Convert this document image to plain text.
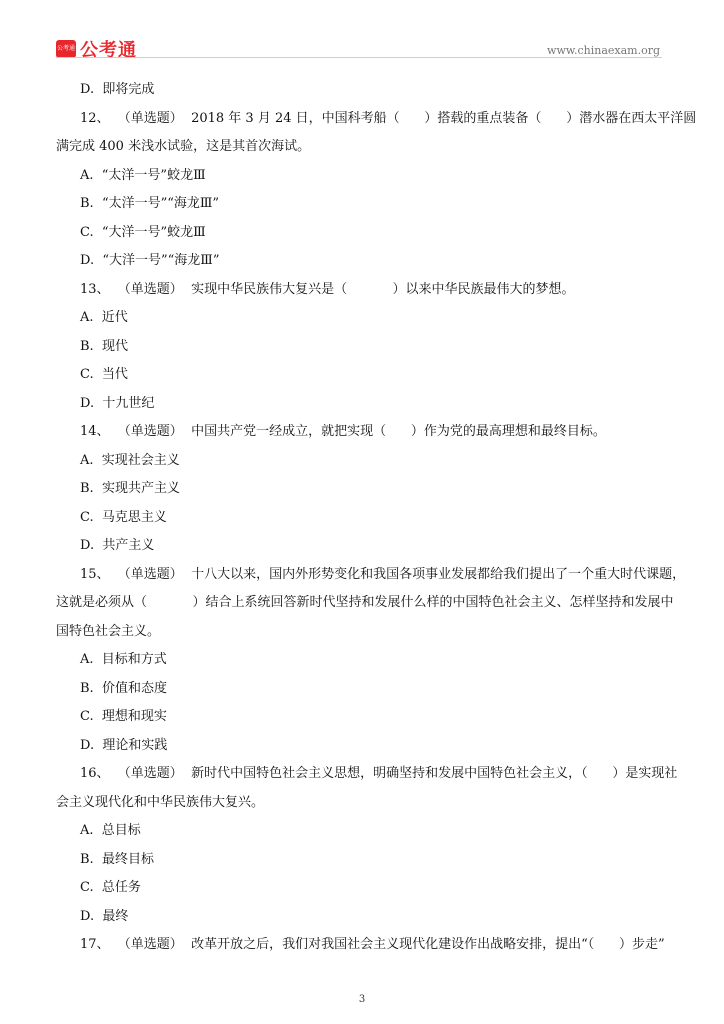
公考通 公考通	www.chinaexam.org
D.  即将完成
12、  （单选题）  2018 年 3 月 24 日，中国科考船（      ）搭载的重点装备（      ）潜水器在西太平洋圆
满完成 400 米浅水试验，这是其首次海试。
A.  “太洋一号”蛟龙Ⅲ
B.  “太洋一号”“海龙Ⅲ”
C.  “大洋一号”蛟龙Ⅲ
D.  “大洋一号”“海龙Ⅲ”
13、  （单选题）  实现中华民族伟大复兴是（           ）以来中华民族最伟大的梦想。
A.  近代
B.  现代
C.  当代
D.  十九世纪
14、  （单选题）  中国共产党一经成立，就把实现（      ）作为党的最高理想和最终目标。
A.  实现社会主义
B.  实现共产主义
C.  马克思主义
D.  共产主义
15、  （单选题）  十八大以来，国内外形势变化和我国各项事业发展都给我们提出了一个重大时代课题，
这就是必须从（           ）结合上系统回答新时代坚持和发展什么样的中国特色社会主义、怎样坚持和发展中
国特色社会主义。
A.  目标和方式
B.  价值和态度
C.  理想和现实
D.  理论和实践
16、  （单选题）  新时代中国特色社会主义思想，明确坚持和发展中国特色社会主义，（      ）是实现社
会主义现代化和中华民族伟大复兴。
A.  总目标
B.  最终目标
C.  总任务
D.  最终
17、  （单选题）  改革开放之后，我们对我国社会主义现代化建设作出战略安排，提出“（      ）步走”
3
